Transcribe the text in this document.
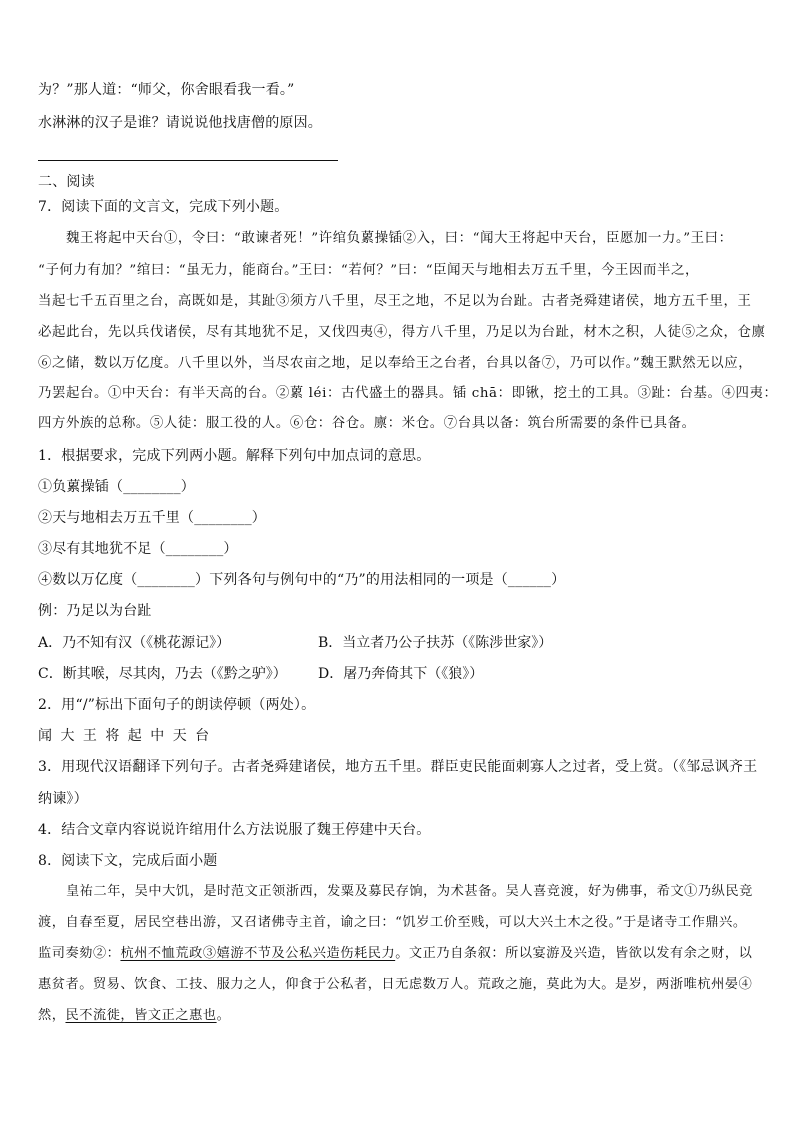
为？”那人道：“师父，你舍眼看我一看。”
水淋淋的汉子是谁？请说说他找唐僧的原因。
二、阅读
7．阅读下面的文言文，完成下列小题。
魏王将起中天台①，令曰：“敢谏者死！”许绾负蔂操锸②入，曰：“闻大王将起中天台，臣愿加一力。”王曰：
“子何力有加？”绾曰：“虽无力，能商台。”王曰：“若何？”曰：“臣闻天与地相去万五千里，今王因而半之，
当起七千五百里之台，高既如是，其趾③须方八千里，尽王之地，不足以为台趾。古者尧舜建诸侯，地方五千里，王
必起此台，先以兵伐诸侯，尽有其地犹不足，又伐四夷④，得方八千里，乃足以为台趾，材木之积，人徒⑤之众，仓廪
⑥之储，数以万亿度。八千里以外，当尽农亩之地，足以奉给王之台者，台具以备⑦，乃可以作。”魏王默然无以应，
乃罢起台。①中天台：有半天高的台。②蔂 léi：古代盛土的器具。锸 chā：即锹，挖土的工具。③趾：台基。④四夷：
四方外族的总称。⑤人徒：服工役的人。⑥仓：谷仓。廪：米仓。⑦台具以备：筑台所需要的条件已具备。
1．根据要求，完成下列两小题。解释下列句中加点词的意思。
①负蔂操锸（________）
②天与地相去万五千里（________）
③尽有其地犹不足（________）
④数以万亿度（________）下列各句与例句中的“乃”的用法相同的一项是（______）
例：乃足以为台趾
A．乃不知有汉（《桃花源记》）	B．当立者乃公子扶苏（《陈涉世家》）
C．断其喉，尽其肉，乃去（《黔之驴》） D．屠乃奔倚其下（《狼》）
2．用“/”标出下面句子的朗读停顿（两处）。
闻 大 王 将 起 中 天 台
3．用现代汉语翻译下列句子。古者尧舜建诸侯，地方五千里。群臣吏民能面刺寡人之过者，受上赏。（《邹忌讽齐王
纳谏》）
4．结合文章内容说说许绾用什么方法说服了魏王停建中天台。
8．阅读下文，完成后面小题
皇祐二年，吴中大饥，是时范文正领浙西，发粟及募民存饷，为术甚备。吴人喜竞渡，好为佛事，希文①乃纵民竞
渡，自春至夏，居民空巷出游，又召诸佛寺主首，谕之曰：“饥岁工价至贱，可以大兴土木之役。”于是诸寺工作鼎兴。
监司奏劾②：杭州不恤荒政③嬉游不节及公私兴造伤耗民力。文正乃自条叙：所以宴游及兴造，皆欲以发有余之财，以
惠贫者。贸易、饮食、工技、服力之人，仰食于公私者，日无虑数万人。荒政之施，莫此为大。是岁，两浙唯杭州晏④
然，民不流徙，皆文正之惠也。
